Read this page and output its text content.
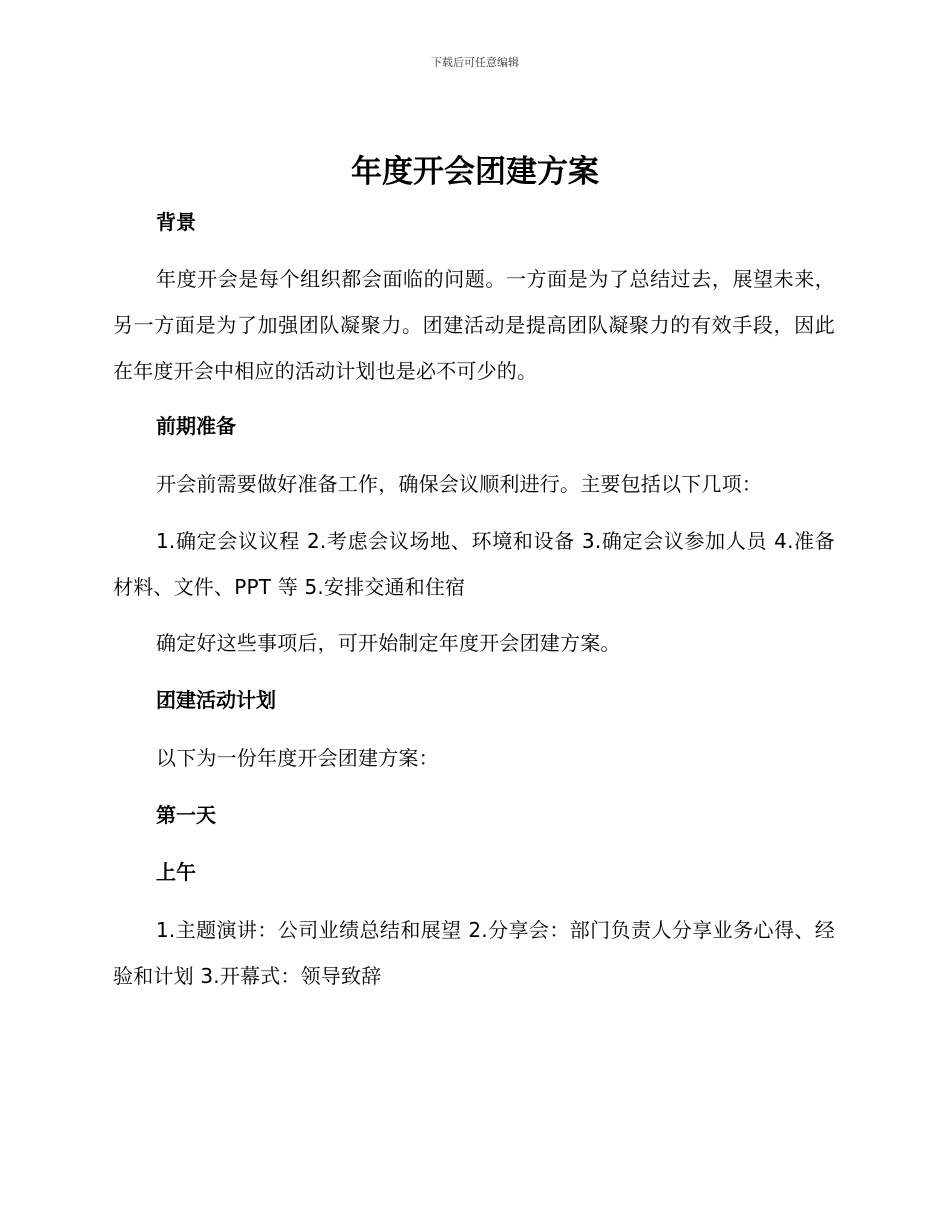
下载后可任意编辑
年度开会团建方案
背景

年度开会是每个组织都会面临的问题。一方面是为了总结过去，展望未来，另一方面是为了加强团队凝聚力。团建活动是提高团队凝聚力的有效手段，因此在年度开会中相应的活动计划也是必不可少的。

前期准备

开会前需要做好准备工作，确保会议顺利进行。主要包括以下几项：

1.确定会议议程 2.考虑会议场地、环境和设备 3.确定会议参加人员 4.准备材料、文件、PPT 等 5.安排交通和住宿

确定好这些事项后，可开始制定年度开会团建方案。

团建活动计划

以下为一份年度开会团建方案：

第一天
上午

1.主题演讲：公司业绩总结和展望 2.分享会：部门负责人分享业务心得、经验和计划 3.开幕式：领导致辞
